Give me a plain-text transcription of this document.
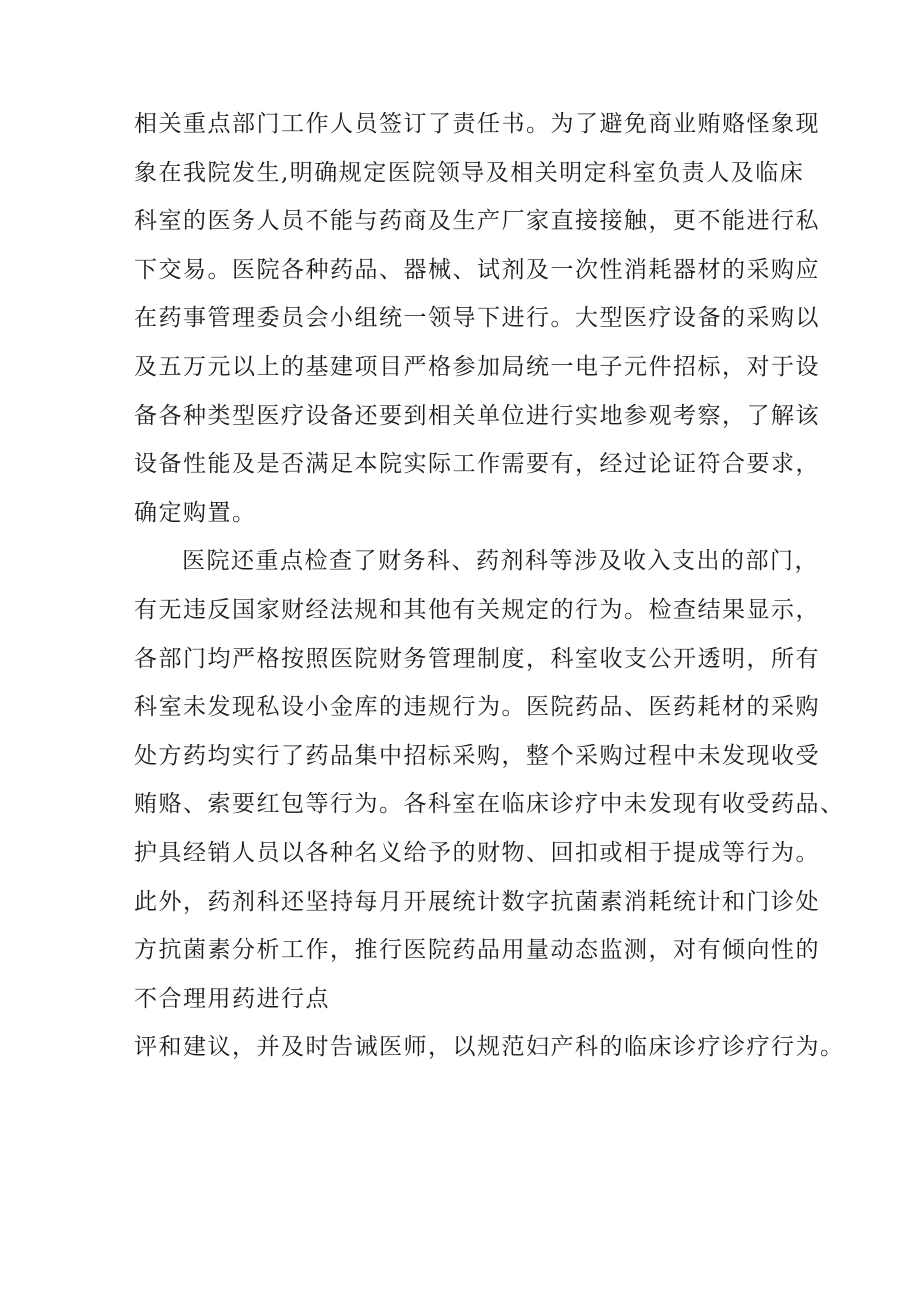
相关重点部门工作人员签订了责任书。为了避免商业贿赂怪象现
象在我院发生,明确规定医院领导及相关明定科室负责人及临床
科室的医务人员不能与药商及生产厂家直接接触，更不能进行私
下交易。医院各种药品、器械、试剂及一次性消耗器材的采购应
在药事管理委员会小组统一领导下进行。大型医疗设备的采购以
及五万元以上的基建项目严格参加局统一电子元件招标，对于设
备各种类型医疗设备还要到相关单位进行实地参观考察，了解该
设备性能及是否满足本院实际工作需要有，经过论证符合要求，
确定购置。
医院还重点检查了财务科、药剂科等涉及收入支出的部门，
有无违反国家财经法规和其他有关规定的行为。检查结果显示，
各部门均严格按照医院财务管理制度，科室收支公开透明，所有
科室未发现私设小金库的违规行为。医院药品、医药耗材的采购
处方药均实行了药品集中招标采购，整个采购过程中未发现收受
贿赂、索要红包等行为。各科室在临床诊疗中未发现有收受药品、
护具经销人员以各种名义给予的财物、回扣或相于提成等行为。
此外，药剂科还坚持每月开展统计数字抗菌素消耗统计和门诊处
方抗菌素分析工作，推行医院药品用量动态监测，对有倾向性的
不合理用药进行点
评和建议，并及时告诫医师，以规范妇产科的临床诊疗诊疗行为。
